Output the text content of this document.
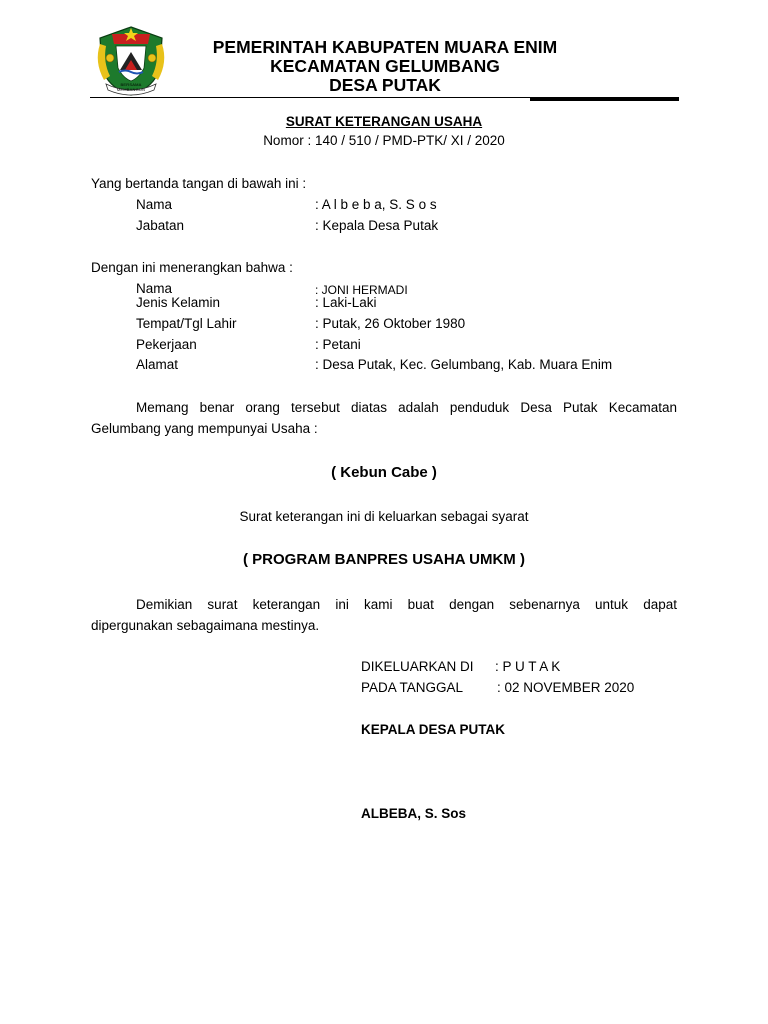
BERSAMA MEMBANGUN
PEMERINTAH KABUPATEN MUARA ENIM
KECAMATAN GELUMBANG
DESA PUTAK
SURAT KETERANGAN USAHA
Nomor : 140 / 510 / PMD-PTK/ XI / 2020
Yang bertanda tangan di bawah ini :
Nama	: A l b e b a, S. S o s
Jabatan	: Kepala Desa Putak
Dengan ini menerangkan bahwa :
Nama	: JONI HERMADI
Jenis Kelamin	: Laki-Laki
Tempat/Tgl Lahir	: Putak, 26 Oktober 1980
Pekerjaan	: Petani
Alamat	: Desa Putak, Kec. Gelumbang, Kab. Muara Enim
Memang benar orang tersebut diatas adalah penduduk Desa Putak Kecamatan
Gelumbang yang mempunyai Usaha :
( Kebun Cabe )
Surat keterangan ini di keluarkan sebagai syarat
( PROGRAM BANPRES USAHA UMKM )
Demikian surat keterangan ini kami buat dengan sebenarnya untuk dapat
dipergunakan sebagaimana mestinya.
DIKELUARKAN DI : P U T A K
PADA TANGGAL	: 02 NOVEMBER 2020
KEPALA DESA PUTAK
ALBEBA, S. Sos
